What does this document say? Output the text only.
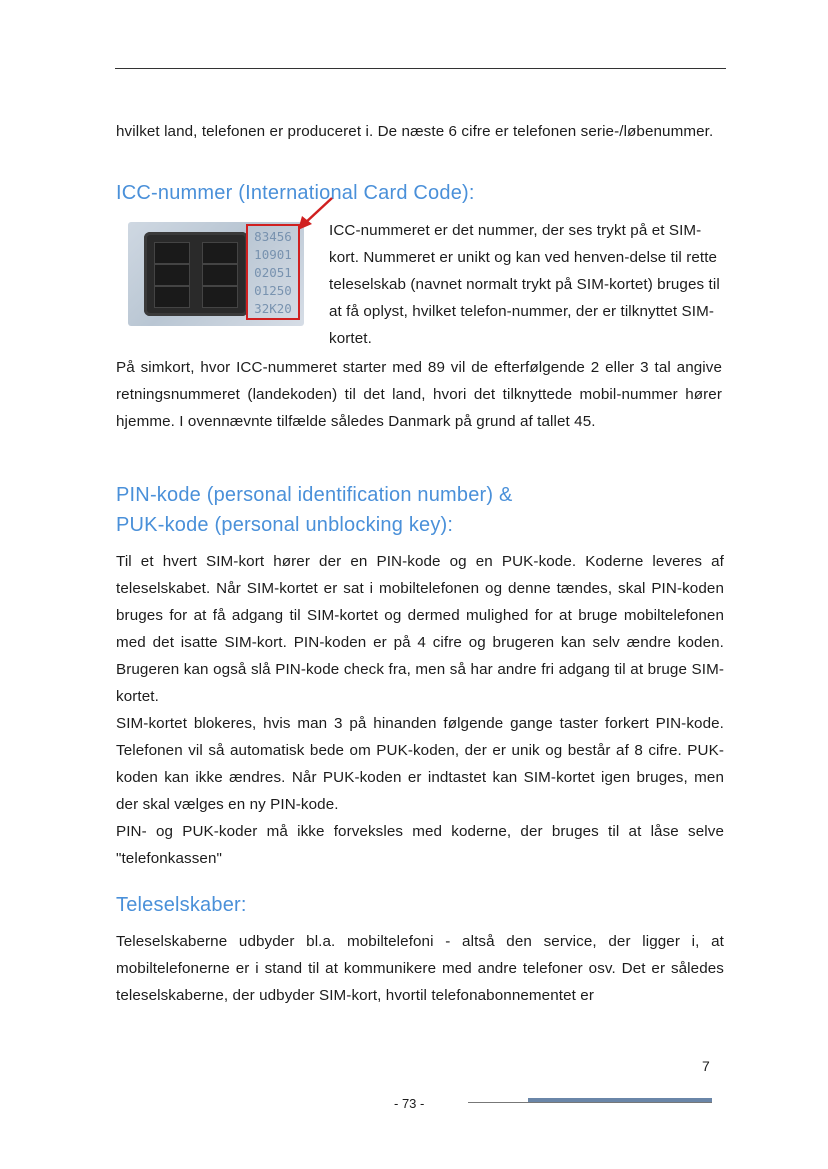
hvilket land, telefonen er produceret i. De næste 6 cifre er telefonen serie-/løbenummer.
ICC-nummer (International Card Code):
83456
10901
02051
01250
32K20
ICC-nummeret er det nummer, der ses trykt på et SIM-kort. Nummeret er unikt og kan ved henven-delse til rette teleselskab (navnet normalt trykt på SIM-kortet) bruges til at få oplyst, hvilket telefon-nummer, der er tilknyttet SIM-kortet.
På simkort, hvor ICC-nummeret starter med 89 vil de efterfølgende 2 eller 3 tal angive retningsnummeret (landekoden) til det land, hvori det tilknyttede mobil-nummer hører hjemme. I ovennævnte tilfælde således Danmark på grund af tallet 45.
PIN-kode (personal identification number) &
PUK-kode (personal unblocking key):
Til et hvert SIM-kort hører der en PIN-kode og en PUK-kode. Koderne leveres af teleselskabet. Når SIM-kortet er sat i mobiltelefonen og denne tændes, skal PIN-koden bruges for at få adgang til SIM-kortet og dermed mulighed for at bruge mobiltelefonen med det isatte SIM-kort. PIN-koden er på 4 cifre og brugeren kan selv ændre koden. Brugeren kan også slå PIN-kode check fra, men så har andre fri adgang til at bruge SIM-kortet.
SIM-kortet blokeres, hvis man 3 på hinanden følgende gange taster forkert PIN-kode. Telefonen vil så automatisk bede om PUK-koden, der er unik og består af 8 cifre. PUK-koden kan ikke ændres. Når PUK-koden er indtastet kan SIM-kortet igen bruges, men der skal vælges en ny PIN-kode.
PIN- og PUK-koder må ikke forveksles med koderne, der bruges til at låse selve "telefonkassen"
Teleselskaber:
Teleselskaberne udbyder bl.a. mobiltelefoni - altså den service, der ligger i, at mobiltelefonerne er i stand til at kommunikere med andre telefoner osv. Det er således teleselskaberne, der udbyder SIM-kort, hvortil telefonabonnementet er
7
- 73 -
